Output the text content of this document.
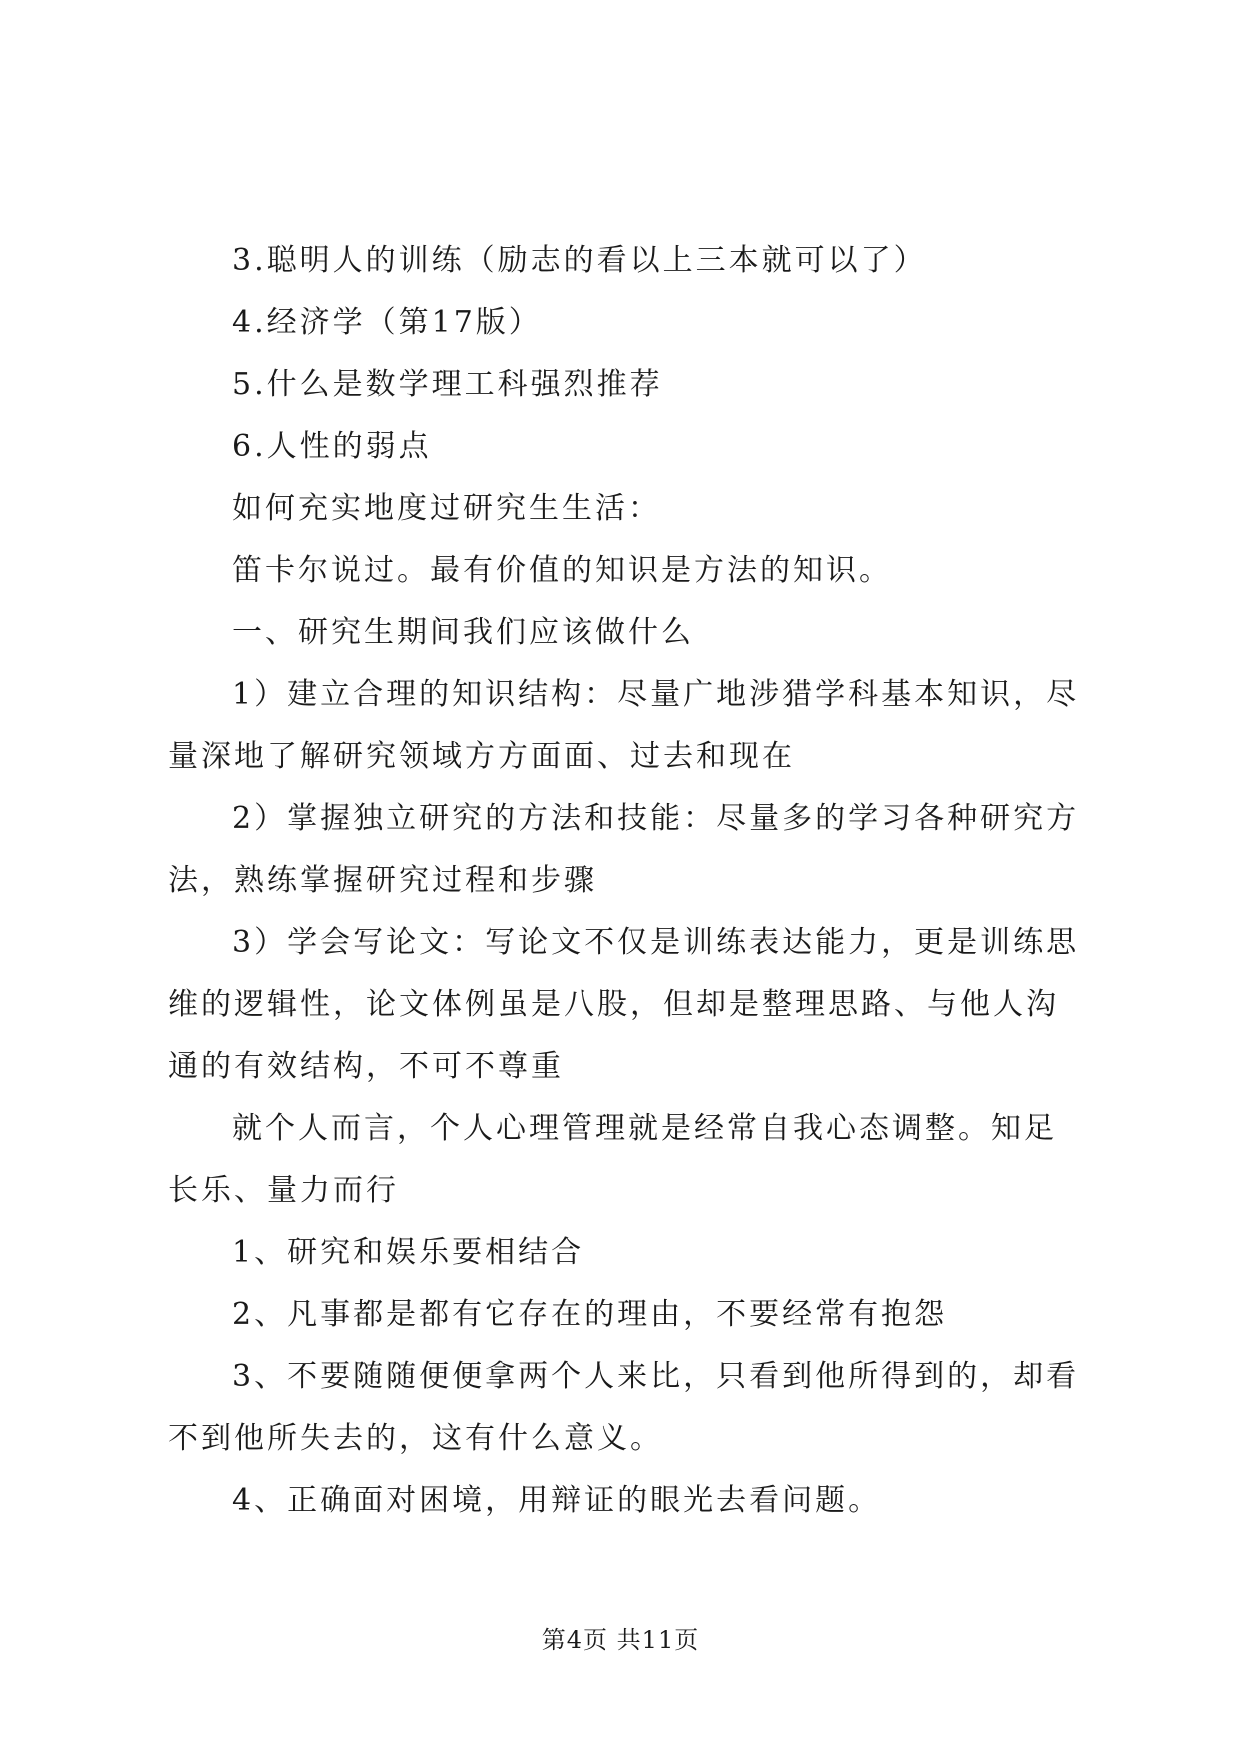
3.聪明人的训练（励志的看以上三本就可以了）

4.经济学（第17版）

5.什么是数学理工科强烈推荐

6.人性的弱点

如何充实地度过研究生生活：

笛卡尔说过。最有价值的知识是方法的知识。

一、研究生期间我们应该做什么

1）建立合理的知识结构：尽量广地涉猎学科基本知识，尽量深地了解研究领域方方面面、过去和现在

2）掌握独立研究的方法和技能：尽量多的学习各种研究方法，熟练掌握研究过程和步骤

3）学会写论文：写论文不仅是训练表达能力，更是训练思维的逻辑性，论文体例虽是八股，但却是整理思路、与他人沟通的有效结构，不可不尊重

就个人而言，个人心理管理就是经常自我心态调整。知足长乐、量力而行

1、研究和娱乐要相结合

2、凡事都是都有它存在的理由，不要经常有抱怨

3、不要随随便便拿两个人来比，只看到他所得到的，却看不到他所失去的，这有什么意义。

4、正确面对困境，用辩证的眼光去看问题。

第4页 共11页
